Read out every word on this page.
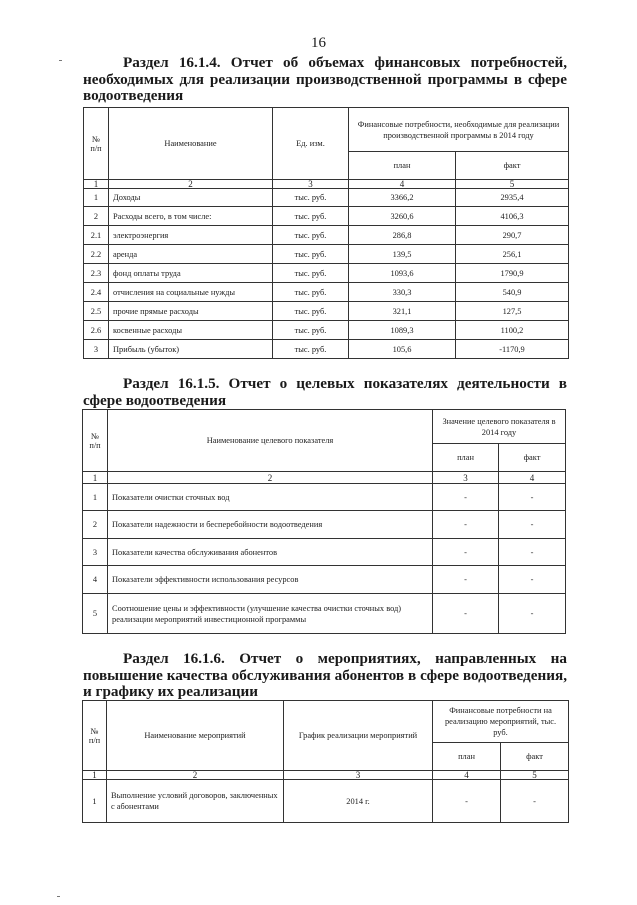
16
Раздел 16.1.4. Отчет об объемах финансовых потребностей, необходимых для реализации производственной программы в сфере водоотведения
№ п/п	Наименование	Ед. изм.	Финансовые потребности, необходимые для реализации производственной программы в 2014 году	
			план	факт
1	2	3	4	5
1	Доходы	тыс. руб.	3366,2	2935,4
2	Расходы всего, в том числе:	тыс. руб.	3260,6	4106,3
2.1	электроэнергия	тыс. руб.	286,8	290,7
2.2	аренда	тыс. руб.	139,5	256,1
2.3	фонд оплаты труда	тыс. руб.	1093,6	1790,9
2.4	отчисления на социальные нужды	тыс. руб.	330,3	540,9
2.5	прочие прямые расходы	тыс. руб.	321,1	127,5
2.6	косвенные расходы	тыс. руб.	1089,3	1100,2
3	Прибыль (убыток)	тыс. руб.	105,6	-1170,9
Раздел 16.1.5. Отчет о целевых показателях деятельности в сфере водоотведения
№ п/п	Наименование целевого показателя	Значение целевого показателя в 2014 году	
		план	факт
1	2	3	4
1	Показатели очистки сточных вод	-	-
2	Показатели надежности и бесперебойности водоотведения	-	-
3	Показатели качества обслуживания абонентов	-	-
4	Показатели эффективности использования ресурсов	-	-
5	Соотношение цены и эффективности (улучшение качества очистки сточных вод) реализации мероприятий инвестиционной программы	-	-
Раздел 16.1.6. Отчет о мероприятиях, направленных на повышение качества обслуживания абонентов в сфере водоотведения, и графику их реализации
№ п/п	Наименование мероприятий	График реализации мероприятий	Финансовые потребности на реализацию мероприятий, тыс. руб.	
			план	факт
1	2	3	4	5
1	Выполнение условий договоров, заключенных с абонентами	2014 г.	-	-
